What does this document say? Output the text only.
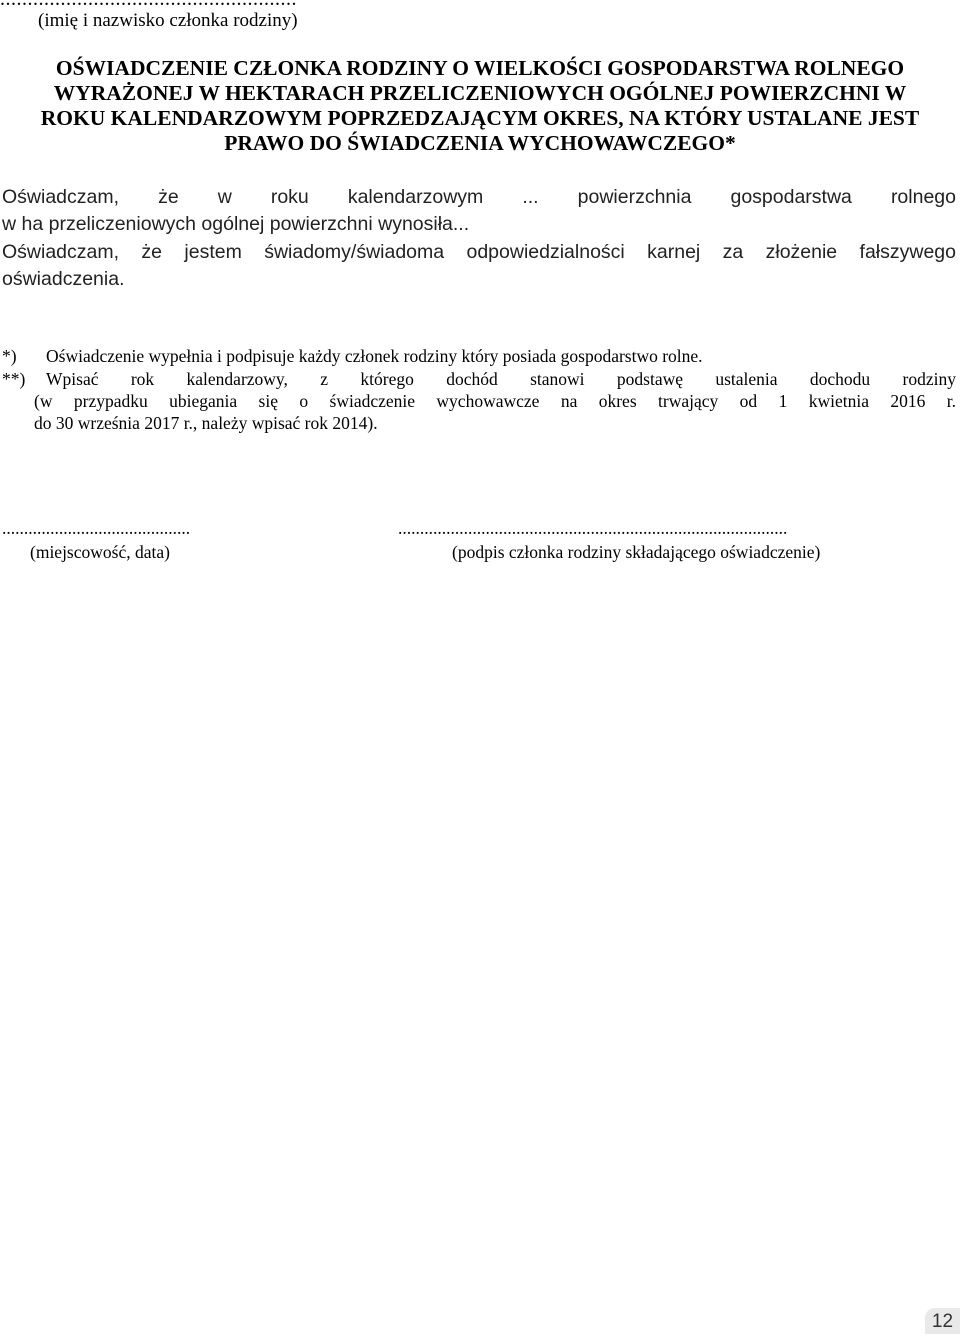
(imię i nazwisko członka rodziny)
OŚWIADCZENIE CZŁONKA RODZINY O WIELKOŚCI GOSPODARSTWA ROLNEGO
WYRAŻONEJ W HEKTARACH PRZELICZENIOWYCH OGÓLNEJ POWIERZCHNI W
ROKU KALENDARZOWYM POPRZEDZAJĄCYM OKRES, NA KTÓRY USTALANE JEST
PRAWO DO ŚWIADCZENIA WYCHOWAWCZEGO*
Oświadczam, że w roku kalendarzowym ... powierzchnia gospodarstwa rolnego
w ha przeliczeniowych ogólnej powierzchni wynosiła...
Oświadczam, że jestem świadomy/świadoma odpowiedzialności karnej za złożenie fałszywego
oświadczenia.
*)	Oświadczenie wypełnia i podpisuje każdy członek rodziny który posiada gospodarstwo rolne.
**)	Wpisać rok kalendarzowy, z którego dochód stanowi podstawę ustalenia dochodu rodziny
(w przypadku ubiegania się o świadczenie wychowawcze na okres trwający od 1 kwietnia 2016 r.
do 30 września 2017 r., należy wpisać rok 2014).
...........................................
(miejscowość, data)
.........................................................................................
(podpis członka rodziny składającego oświadczenie)
12
